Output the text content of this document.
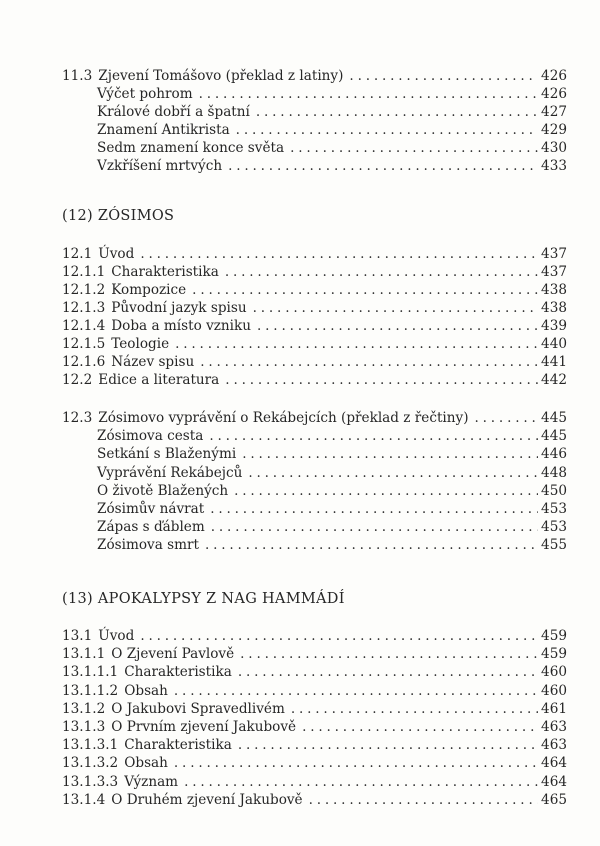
11.3 Zjevení Tomášovo (překlad z latiny) . . .	426
Výčet pohrom . . .	426
Králové dobří a špatní . . .	427
Znamení Antikrista . . .	429
Sedm znamení konce světa . . .	430
Vzkříšení mrtvých . . .	433
(12) ZÓSIMOS
12.1 Úvod . . .	437
12.1.1 Charakteristika . . .	437
12.1.2 Kompozice . . .	438
12.1.3 Původní jazyk spisu . . .	438
12.1.4 Doba a místo vzniku . . .	439
12.1.5 Teologie . . .	440
12.1.6 Název spisu . . .	441
12.2 Edice a literatura . . .	442
12.3 Zósimovo vyprávění o Rekábejcích (překlad z řečtiny) . . .	445
Zósimova cesta . . .	445
Setkání s Blaženými . . .	446
Vyprávění Rekábejců . . .	448
O životě Blažených . . .	450
Zósimův návrat . . .	453
Zápas s ďáblem . . .	453
Zósimova smrt . . .	455
(13) APOKALYPSY Z NAG HAMMÁDÍ
13.1 Úvod . . .	459
13.1.1 O Zjevení Pavlově . . .	459
13.1.1.1 Charakteristika . . .	460
13.1.1.2 Obsah . . .	460
13.1.2 O Jakubovi Spravedlivém . . .	461
13.1.3 O Prvním zjevení Jakubově . . .	463
13.1.3.1 Charakteristika . . .	463
13.1.3.2 Obsah . . .	464
13.1.3.3 Význam . . .	464
13.1.4 O Druhém zjevení Jakubově . . .	465
